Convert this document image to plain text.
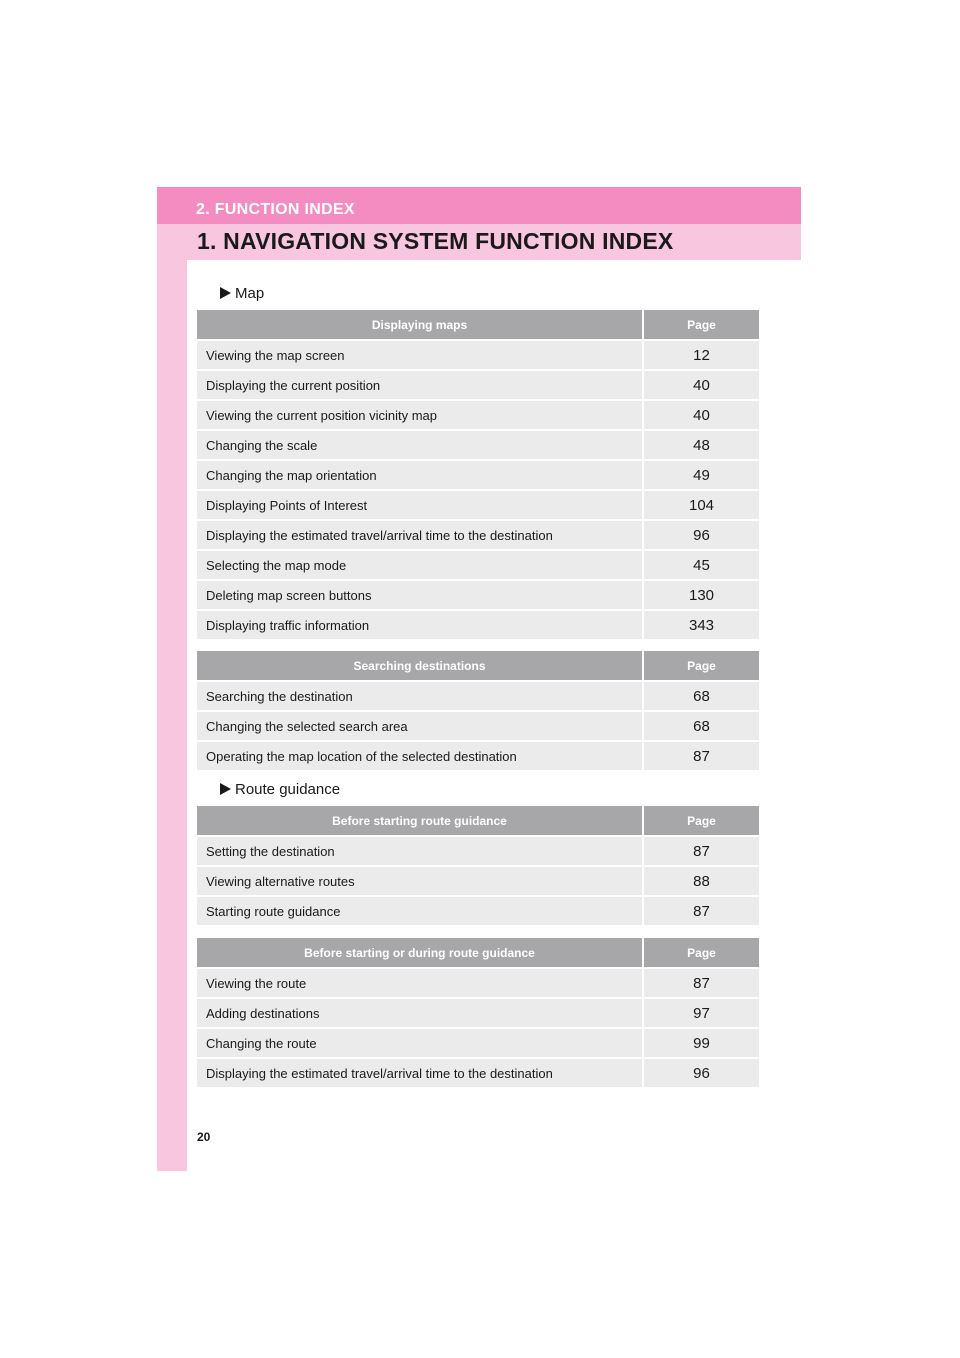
2. FUNCTION INDEX
1. NAVIGATION SYSTEM FUNCTION INDEX
Map
Displaying maps	Page
Viewing the map screen	12
Displaying the current position	40
Viewing the current position vicinity map	40
Changing the scale	48
Changing the map orientation	49
Displaying Points of Interest	104
Displaying the estimated travel/arrival time to the destination	96
Selecting the map mode	45
Deleting map screen buttons	130
Displaying traffic information	343
Searching destinations	Page
Searching the destination	68
Changing the selected search area	68
Operating the map location of the selected destination	87
Route guidance
Before starting route guidance	Page
Setting the destination	87
Viewing alternative routes	88
Starting route guidance	87
Before starting or during route guidance	Page
Viewing the route	87
Adding destinations	97
Changing the route	99
Displaying the estimated travel/arrival time to the destination	96
20
